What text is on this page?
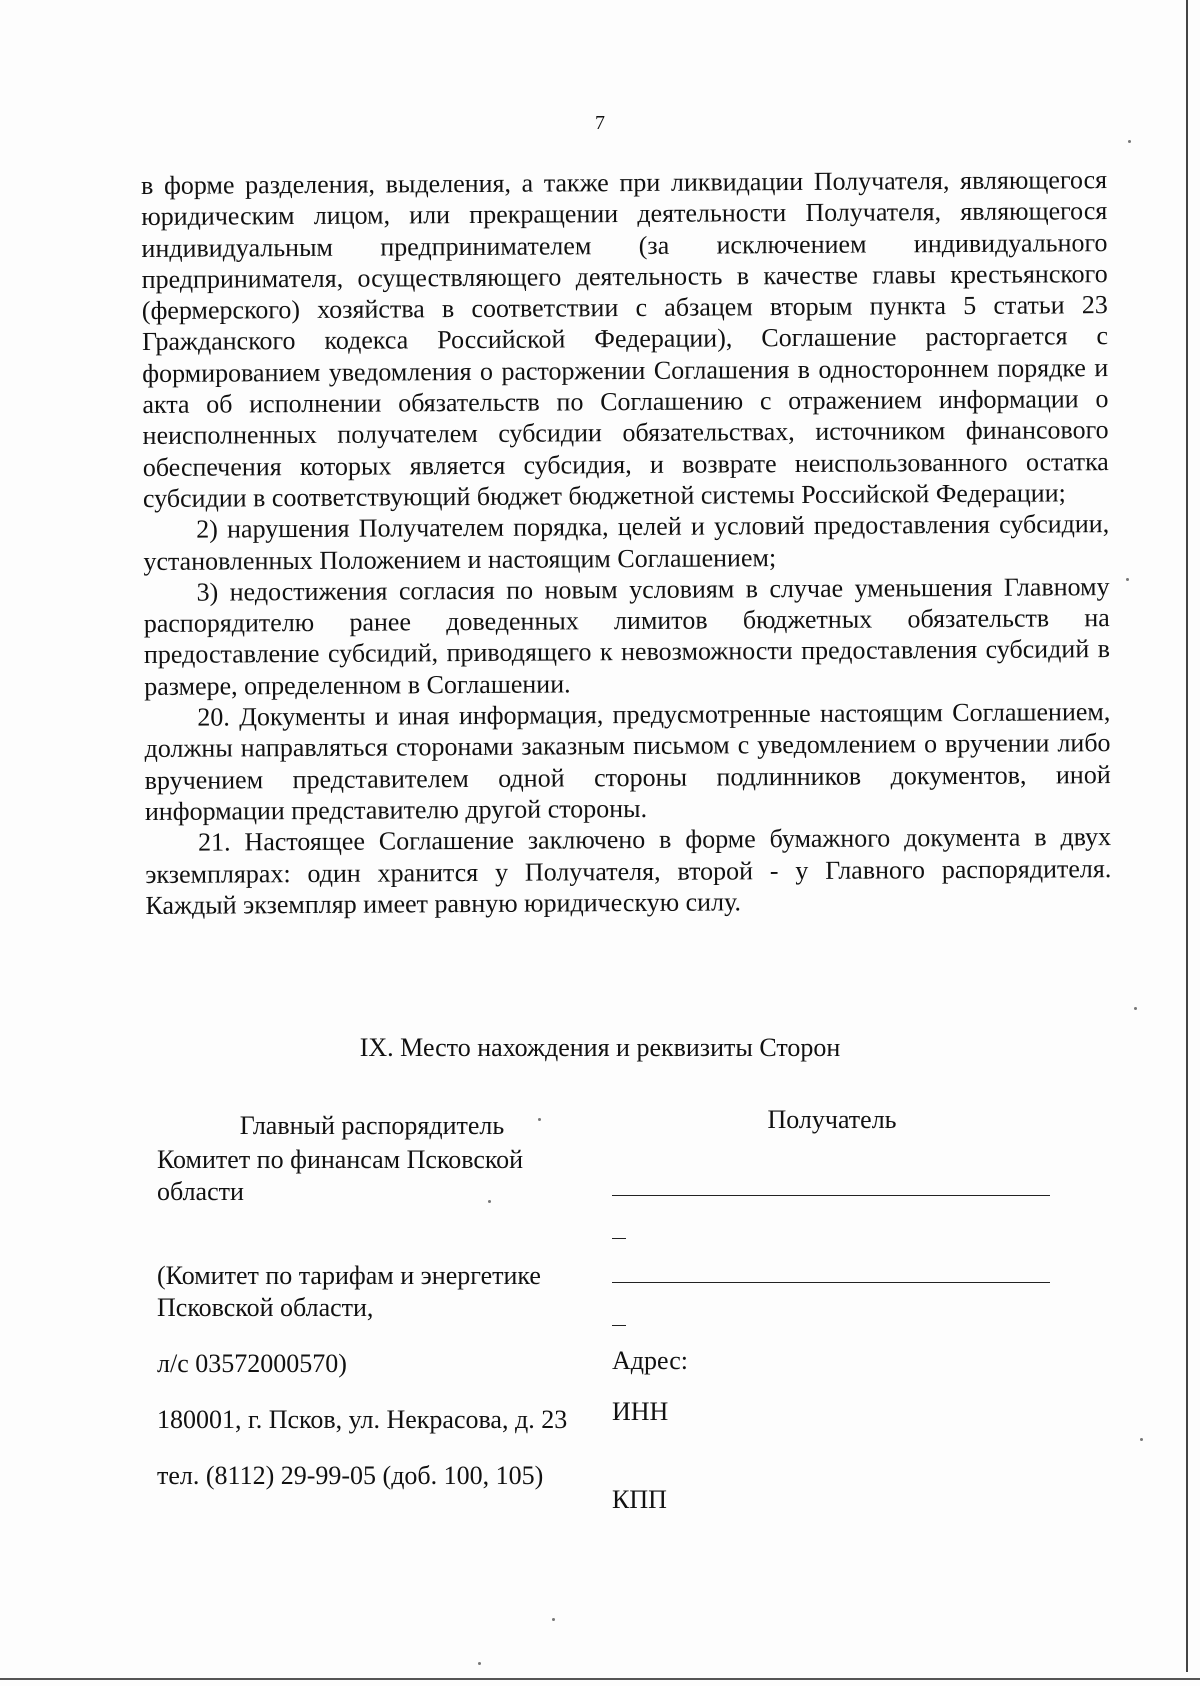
7

в форме разделения, выделения, а также при ликвидации Получателя, являющегося юридическим лицом, или прекращении деятельности Получателя, являющегося индивидуальным предпринимателем (за исключением индивидуального предпринимателя, осуществляющего деятельность в качестве главы крестьянского (фермерского) хозяйства в соответствии с абзацем вторым пункта 5 статьи 23 Гражданского кодекса Российской Федерации), Соглашение расторгается с формированием уведомления о расторжении Соглашения в одностороннем порядке и акта об исполнении обязательств по Соглашению с отражением информации о неисполненных получателем субсидии обязательствах, источником финансового обеспечения которых является субсидия, и возврате неиспользованного остатка субсидии в соответствующий бюджет бюджетной системы Российской Федерации;

2) нарушения Получателем порядка, целей и условий предоставления субсидии, установленных Положением и настоящим Соглашением;

3) недостижения согласия по новым условиям в случае уменьшения Главному распорядителю ранее доведенных лимитов бюджетных обязательств на предоставление субсидий, приводящего к невозможности предоставления субсидий в размере, определенном в Соглашении.

20. Документы и иная информация, предусмотренные настоящим Соглашением, должны направляться сторонами заказным письмом с уведомлением о вручении либо вручением представителем одной стороны подлинников документов, иной информации представителю другой стороны.

21. Настоящее Соглашение заключено в форме бумажного документа в двух экземплярах: один хранится у Получателя, второй - у Главного распорядителя. Каждый экземпляр имеет равную юридическую силу.

IX. Место нахождения и реквизиты Сторон
Главный распорядитель
Комитет по финансам Псковской области
(Комитет по тарифам и энергетике Псковской области,
л/с 03572000570)
180001, г. Псков, ул. Некрасова, д. 23
тел. (8112) 29-99-05 (доб. 100, 105)
Получатель
Адрес:
ИНН
КПП
